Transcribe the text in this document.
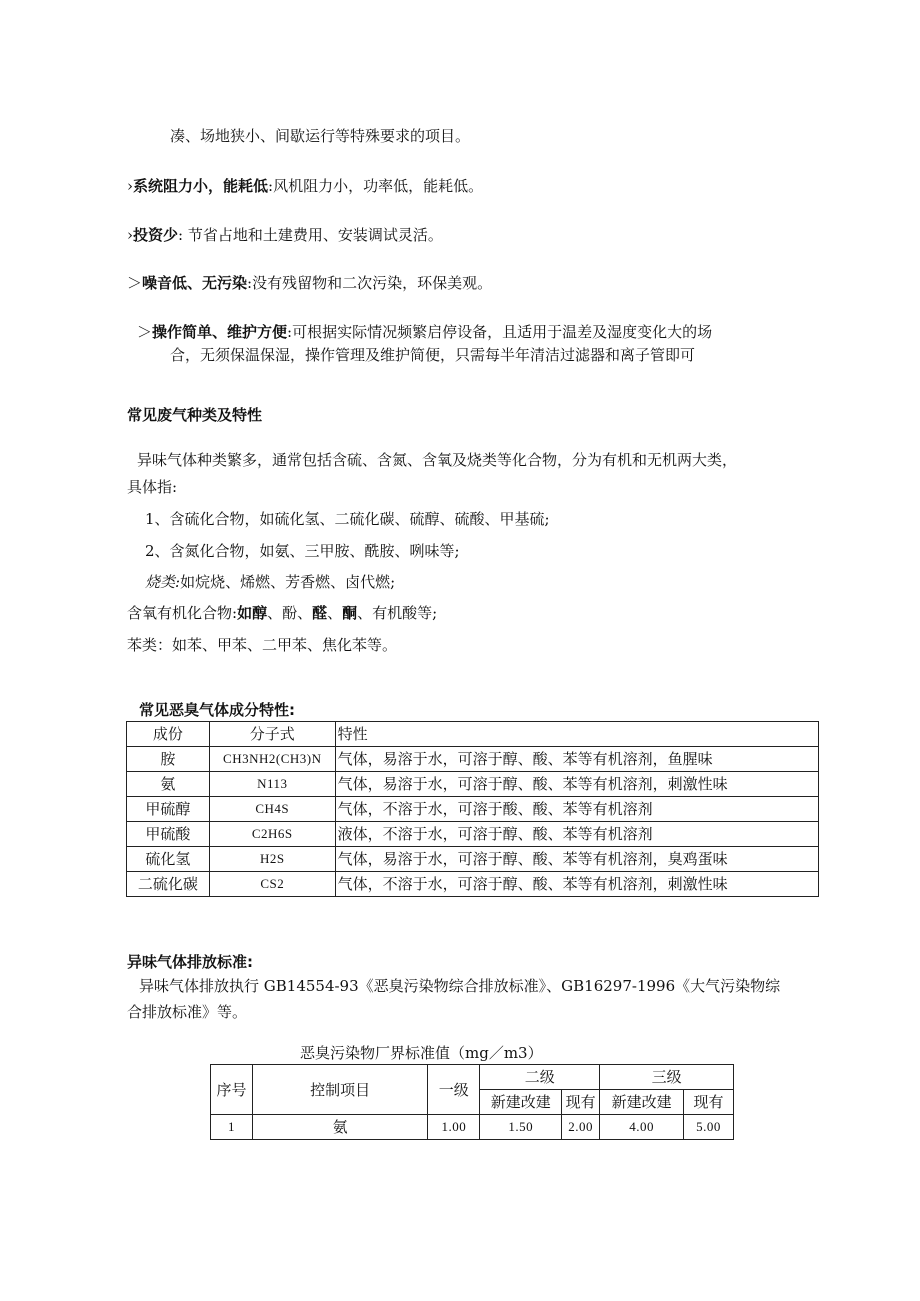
凑、场地狭小、间歇运行等特殊要求的项目。
›系统阻力小，能耗低:风机阻力小，功率低，能耗低。
›投资少: 节省占地和土建费用、安装调试灵活。
＞噪音低、无污染:没有残留物和二次污染，环保美观。
＞操作简单、维护方便:可根据实际情况频繁启停设备，且适用于温差及湿度变化大的场
合，无须保温保湿，操作管理及维护简便，只需每半年清洁过滤器和离子管即可
常见废气种类及特性
异味气体种类繁多，通常包括含硫、含氮、含氧及烧类等化合物，分为有机和无机两大类，
具体指:
1、含硫化合物，如硫化氢、二硫化碳、硫醇、硫酸、甲基硫;
2、含氮化合物，如氨、三甲胺、酰胺、咧味等;
烧类:如烷烧、烯燃、芳香燃、卤代燃;
含氧有机化合物:如醇、酚、醛、酮、有机酸等;
苯类：如苯、甲苯、二甲苯、焦化苯等。
常见恶臭气体成分特性:
成份	分子式	特性
胺	CH3NH2(CH3)N	气体，易溶于水，可溶于醇、酸、苯等有机溶剂，鱼腥味
氨	N113	气体，易溶于水，可溶于醇、酸、苯等有机溶剂，刺激性味
甲硫醇	CH4S	气体，不溶于水，可溶于酸、酸、苯等有机溶剂
甲硫酸	C2H6S	液体，不溶于水，可溶于醇、酸、苯等有机溶剂
硫化氢	H2S	气体，易溶于水，可溶于醇、酸、苯等有机溶剂，臭鸡蛋味
二硫化碳	CS2	气体，不溶于水，可溶于醇、酸、苯等有机溶剂，刺激性味
异味气体排放标准:
异味气体排放执行 GB14554-93《恶臭污染物综合排放标准》、GB16297-1996《大气污染物综
合排放标准》等。
恶臭污染物厂界标准值（mg／m3）
序号	控制项目	一级	二级		三级	
			新建改建	现有	新建改建	现有
1	氨	1.00	1.50	2.00	4.00	5.00
